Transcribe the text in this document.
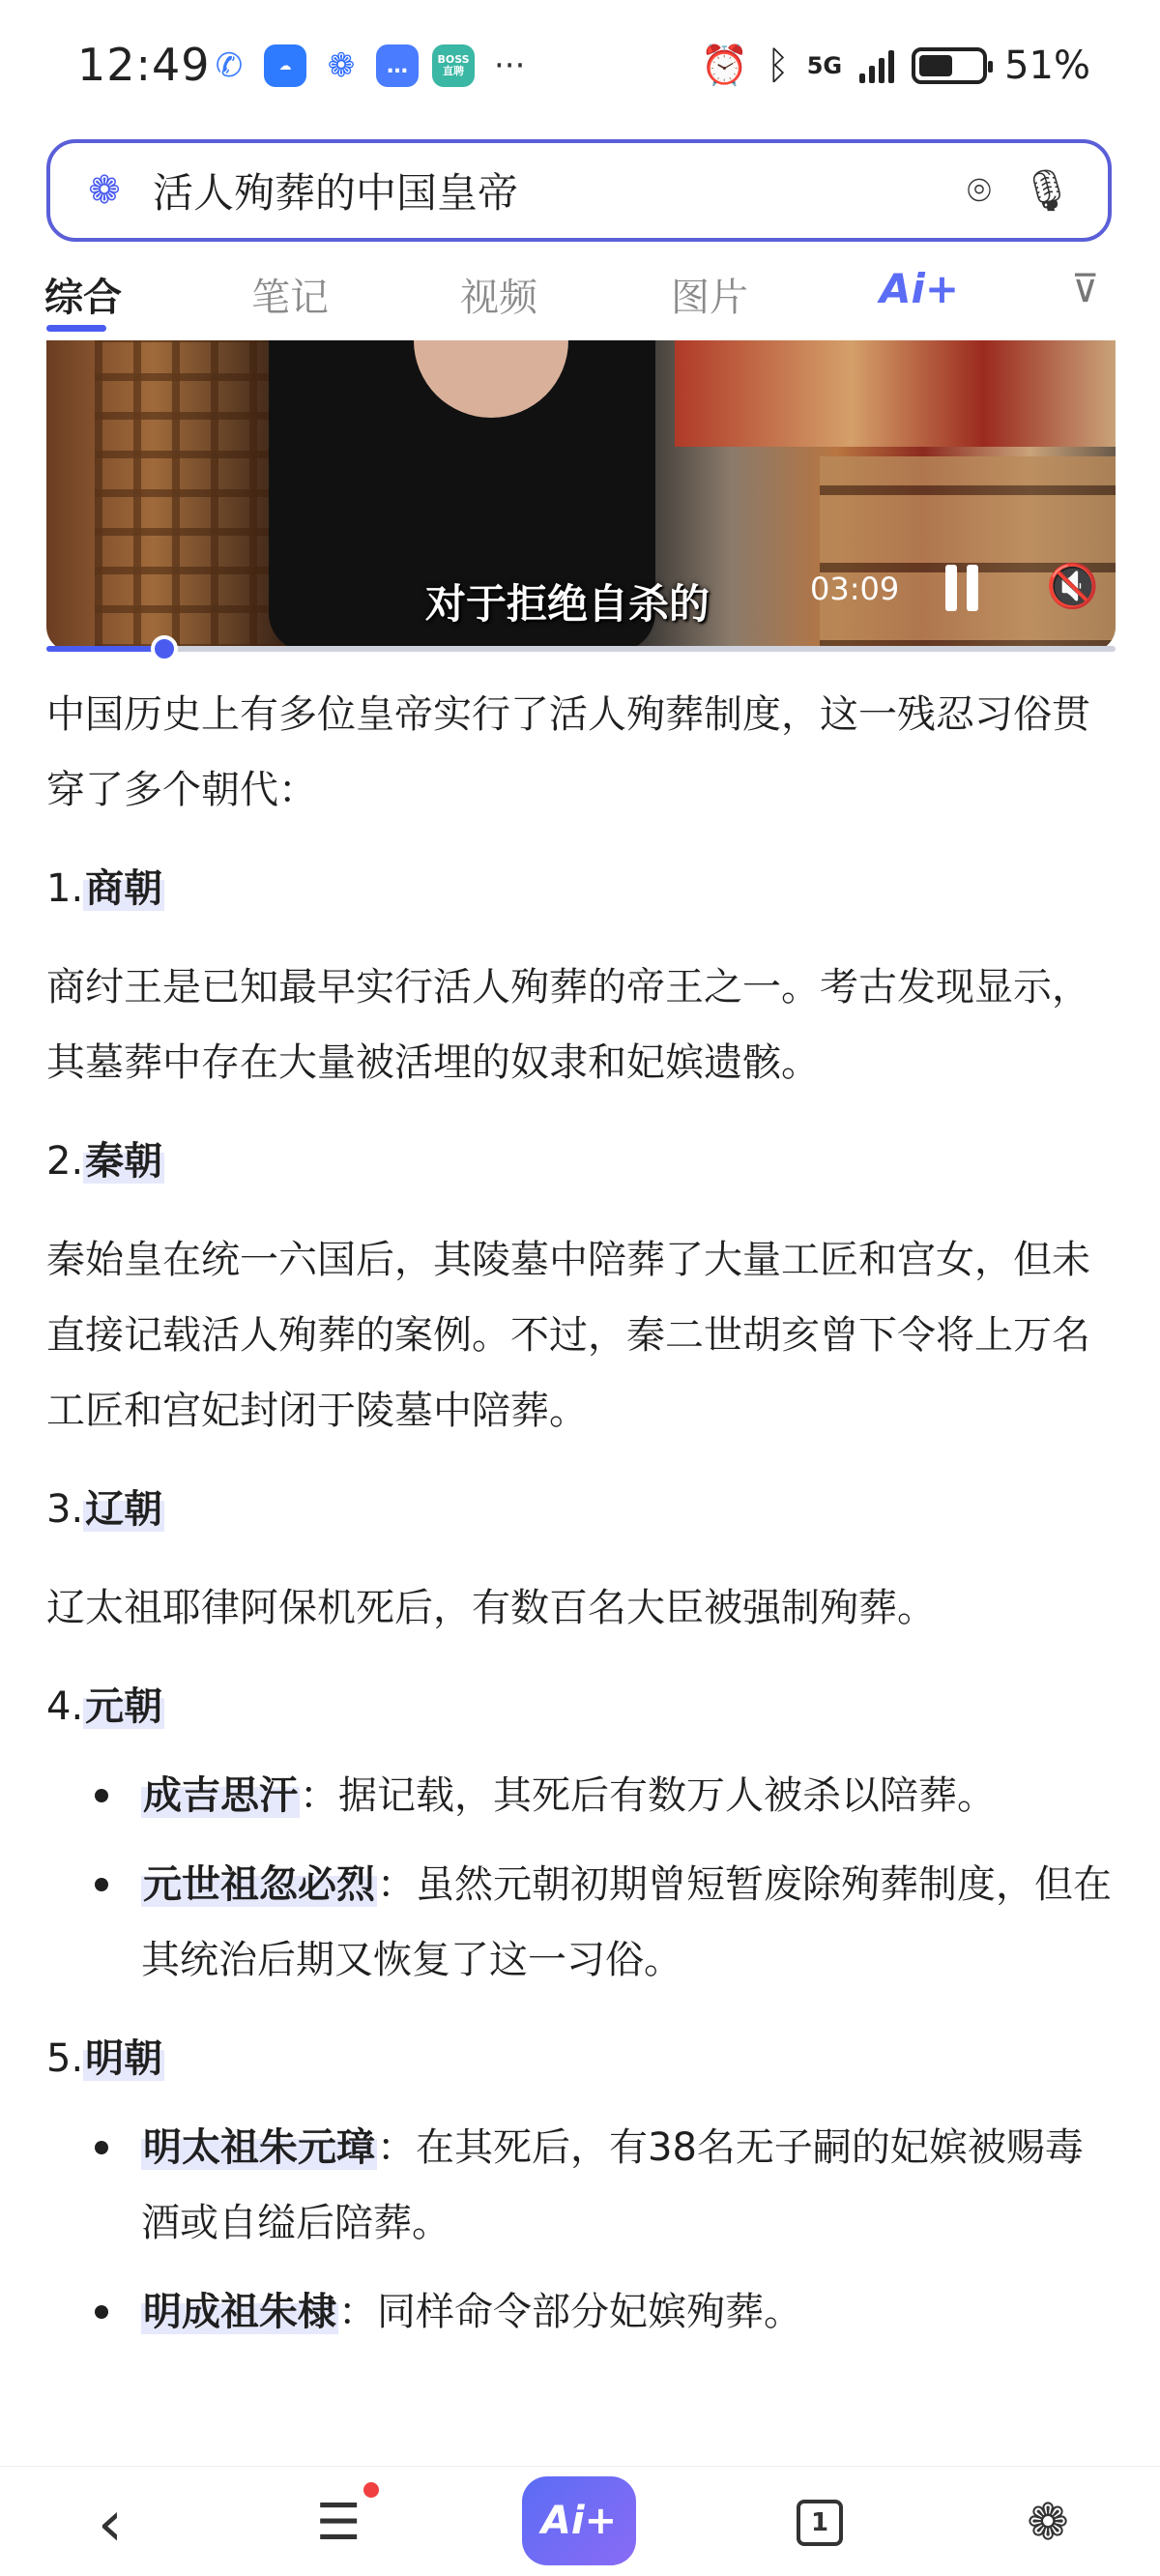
12:49 ✆	☁	❁	…	BOSS 直聘 ···	⏰ ᛒ 5G	51%
❁ 活人殉葬的中国皇帝	⌾ 🎙
综合	笔记	视频	图片	Ai+	⊽
对于拒绝自杀的	03:09	🔇

中国历史上有多位皇帝实行了活人殉葬制度，这一残忍习俗贯穿了多个朝代：

1.商朝

商纣王是已知最早实行活人殉葬的帝王之一。考古发现显示，其墓葬中存在大量被活埋的奴隶和妃嫔遗骸。

2.秦朝

秦始皇在统一六国后，其陵墓中陪葬了大量工匠和宫女，但未直接记载活人殉葬的案例。不过，秦二世胡亥曾下令将上万名工匠和宫妃封闭于陵墓中陪葬。

3.辽朝

辽太祖耶律阿保机死后，有数百名大臣被强制殉葬。

4.元朝
成吉思汗：据记载，其死后有数万人被杀以陪葬。
元世祖忽必烈：虽然元朝初期曾短暂废除殉葬制度，但在其统治后期又恢复了这一习俗。
5.明朝
明太祖朱元璋：在其死后，有38名无子嗣的妃嫔被赐毒酒或自缢后陪葬。
明成祖朱棣：同样命令部分妃嫔殉葬。
‹	☰	Ai+	1	❁
